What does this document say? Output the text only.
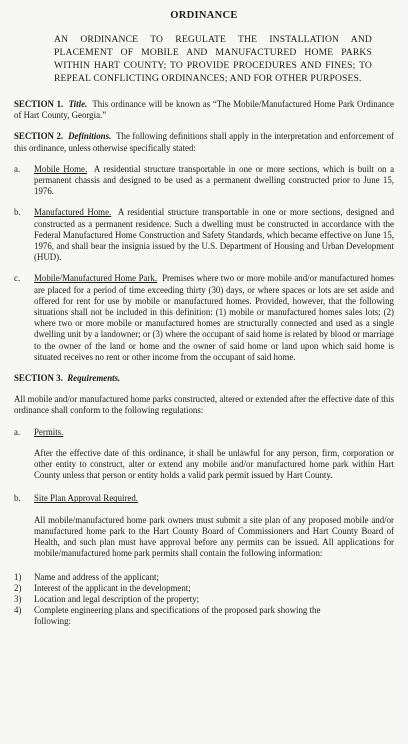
ORDINANCE
AN ORDINANCE TO REGULATE THE INSTALLATION AND PLACEMENT OF MOBILE AND MANUFACTURED HOME PARKS WITHIN HART COUNTY; TO PROVIDE PROCEDURES AND FINES; TO REPEAL CONFLICTING ORDINANCES; AND FOR OTHER PURPOSES.

SECTION 1. Title. This ordinance will be known as “The Mobile/Manufactured Home Park Ordinance of Hart County, Georgia.”

SECTION 2. Definitions. The following definitions shall apply in the interpretation and enforcement of this ordinance, unless otherwise specifically stated:

a.	Mobile Home. A residential structure transportable in one or more sections, which is built on a permanent chassis and designed to be used as a permanent dwelling constructed prior to June 15, 1976.

b.	Manufactured Home. A residential structure transportable in one or more sections, designed and constructed as a permanent residence. Such a dwelling must be constructed in accordance with the Federal Manufactured Home Construction and Safety Standards, which became effective on June 15, 1976, and shall bear the insignia issued by the U.S. Department of Housing and Urban Development (HUD).

c.	Mobile/Manufactured Home Park. Premises where two or more mobile and/or manufactured homes are placed for a period of time exceeding thirty (30) days, or where spaces or lots are set aside and offered for rent for use by mobile or manufactured homes. Provided, however, that the following situations shall not be included in this definition: (1) mobile or manufactured homes sales lots; (2) where two or more mobile or manufactured homes are structurally connected and used as a single dwelling unit by a landowner; or (3) where the occupant of said home is related by blood or marriage to the owner of the land or home and the owner of said home or land upon which said home is situated receives no rent or other income from the occupant of said home.

SECTION 3. Requirements.

All mobile and/or manufactured home parks constructed, altered or extended after the effective date of this ordinance shall conform to the following regulations:

a.	Permits.

After the effective date of this ordinance, it shall be unlawful for any person, firm, corporation or other entity to construct, alter or extend any mobile and/or manufactured home park within Hart County unless that person or entity holds a valid park permit issued by Hart County.

b.	Site Plan Approval Required.

All mobile/manufactured home park owners must submit a site plan of any proposed mobile and/or manufactured home park to the Hart County Board of Commissioners and Hart County Board of Health, and such plan must have approval before any permits can be issued. All applications for mobile/manufactured home park permits shall contain the following information:

1)	Name and address of the applicant;
2)	Interest of the applicant in the development;
3)	Location and legal description of the property;
4)	Complete engineering plans and specifications of the proposed park showing the
following:
